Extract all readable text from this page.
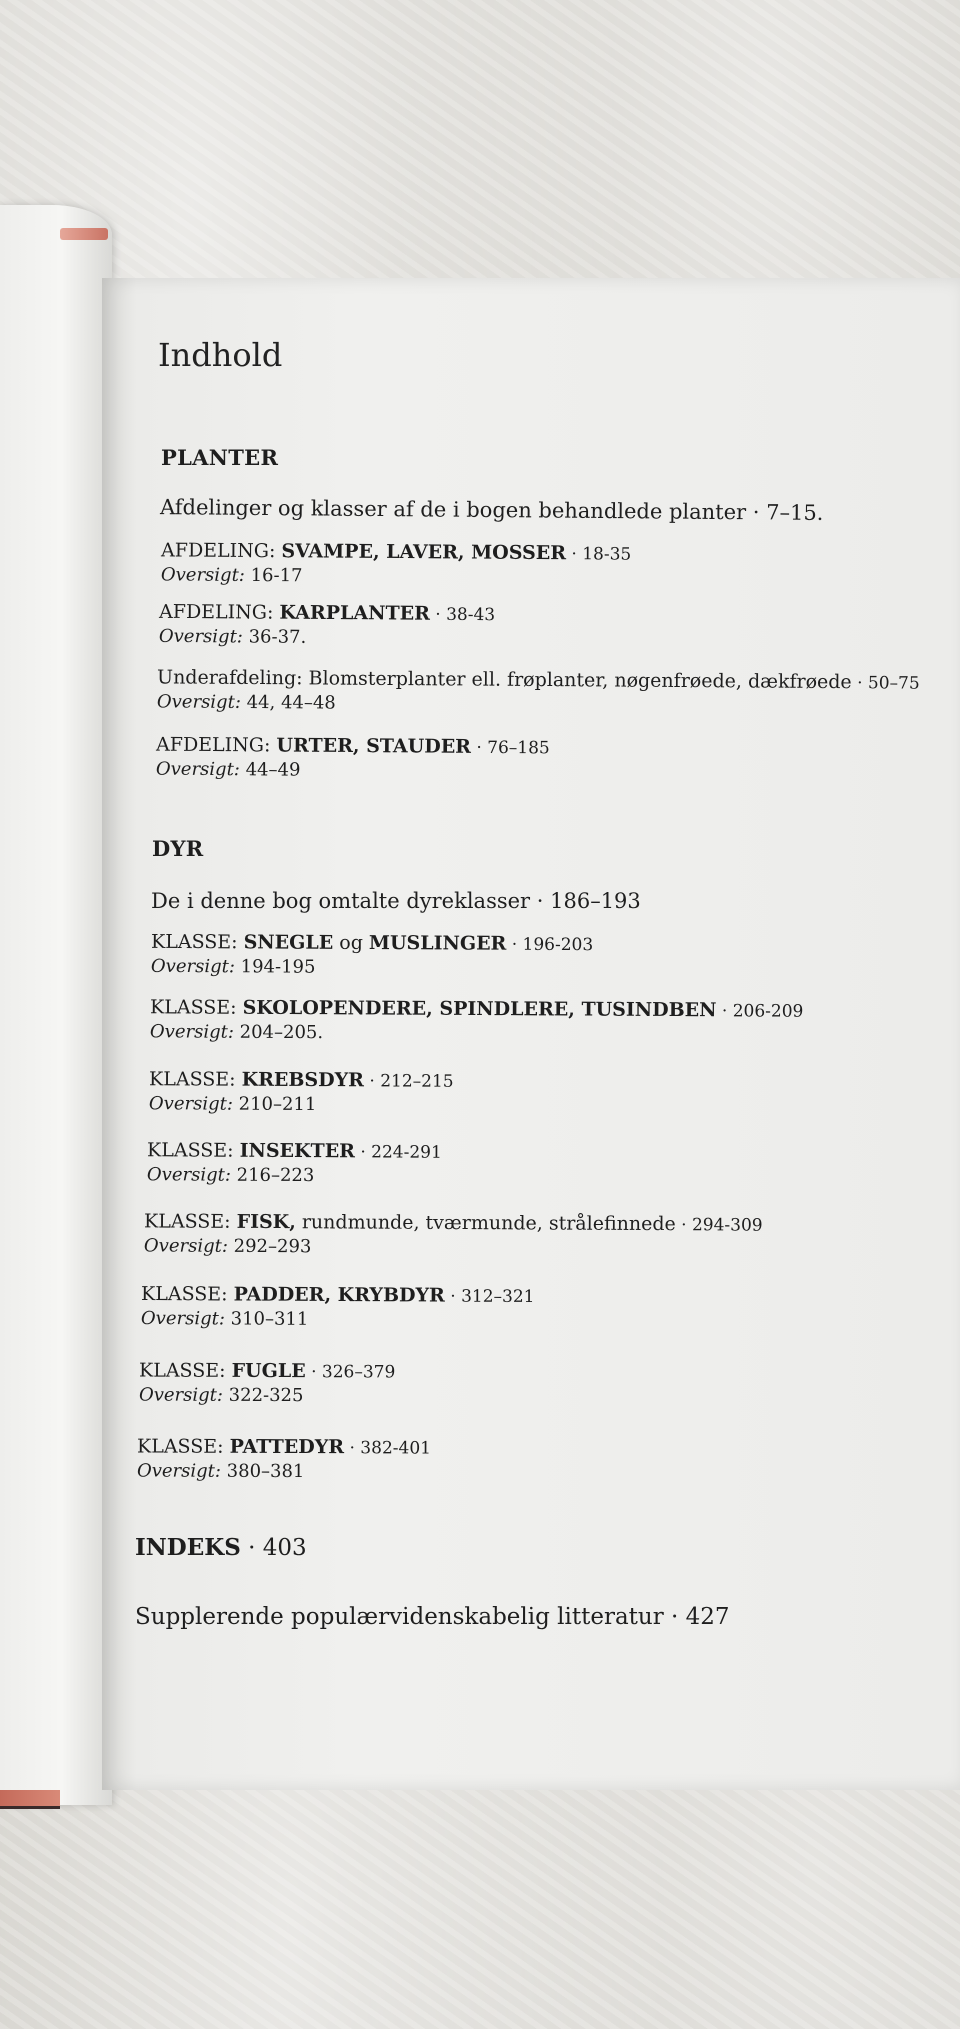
Indhold
PLANTER
Afdelinger og klasser af de i bogen behandlede planter · 7–15.
AFDELING: SVAMPE, LAVER, MOSSER · 18-35
Oversigt: 16-17
AFDELING: KARPLANTER · 38-43
Oversigt: 36-37.
Underafdeling: Blomsterplanter ell. frøplanter, nøgenfrøede, dækfrøede · 50–75
Oversigt: 44, 44–48
AFDELING: URTER, STAUDER · 76–185
Oversigt: 44–49
DYR
De i denne bog omtalte dyreklasser · 186–193
KLASSE: SNEGLE og MUSLINGER · 196-203
Oversigt: 194-195
KLASSE: SKOLOPENDERE, SPINDLERE, TUSINDBEN · 206-209
Oversigt: 204–205.
KLASSE: KREBSDYR · 212–215
Oversigt: 210–211
KLASSE: INSEKTER · 224-291
Oversigt: 216–223
KLASSE: FISK, rundmunde, tværmunde, strålefinnede · 294-309
Oversigt: 292–293
KLASSE: PADDER, KRYBDYR · 312–321
Oversigt: 310–311
KLASSE: FUGLE · 326–379
Oversigt: 322-325
KLASSE: PATTEDYR · 382-401
Oversigt: 380–381
INDEKS · 403
Supplerende populærvidenskabelig litteratur · 427
